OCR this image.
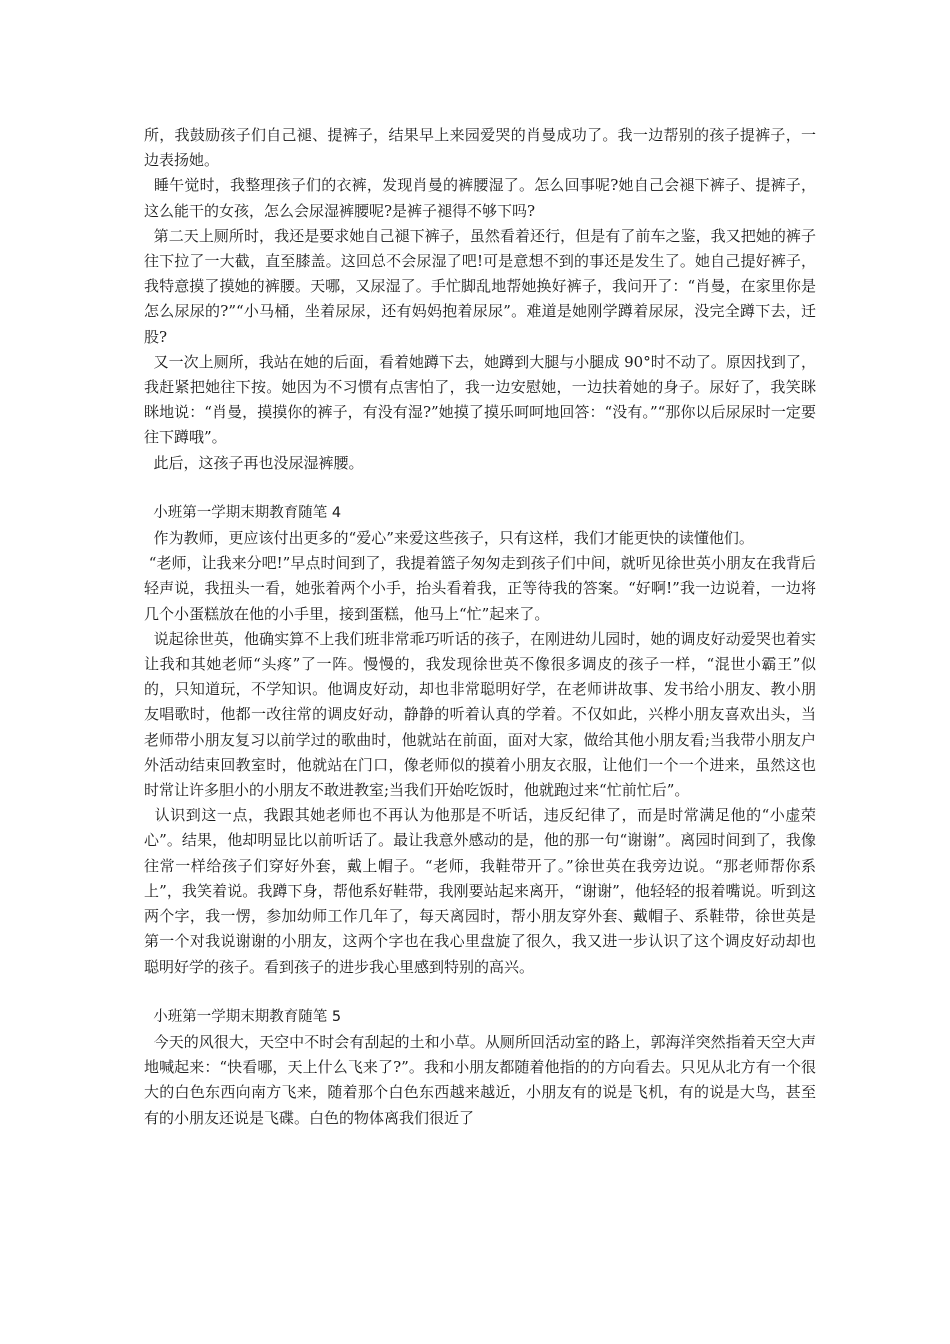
所，我鼓励孩子们自己褪、提裤子，结果早上来园爱哭的肖曼成功了。我一边帮别的孩子提裤子，一边表扬她。

睡午觉时，我整理孩子们的衣裤，发现肖曼的裤腰湿了。怎么回事呢?她自己会褪下裤子、提裤子，这么能干的女孩，怎么会尿湿裤腰呢?是裤子褪得不够下吗?

第二天上厕所时，我还是要求她自己褪下裤子，虽然看着还行，但是有了前车之鉴，我又把她的裤子往下拉了一大截，直至膝盖。这回总不会尿湿了吧!可是意想不到的事还是发生了。她自己提好裤子，我特意摸了摸她的裤腰。天哪，又尿湿了。手忙脚乱地帮她换好裤子，我问开了：“肖曼，在家里你是怎么尿尿的?”“小马桶，坐着尿尿，还有妈妈抱着尿尿”。难道是她刚学蹲着尿尿，没完全蹲下去，迁股?

又一次上厕所，我站在她的后面，看着她蹲下去，她蹲到大腿与小腿成 90°时不动了。原因找到了，我赶紧把她往下按。她因为不习惯有点害怕了，我一边安慰她，一边扶着她的身子。尿好了，我笑眯眯地说：“肖曼，摸摸你的裤子，有没有湿?”她摸了摸乐呵呵地回答：“没有。”“那你以后尿尿时一定要往下蹲哦”。

此后，这孩子再也没尿湿裤腰。

小班第一学期末期教育随笔 4

作为教师，更应该付出更多的“爱心”来爱这些孩子，只有这样，我们才能更快的读懂他们。

“老师，让我来分吧!”早点时间到了，我提着篮子匆匆走到孩子们中间，就听见徐世英小朋友在我背后轻声说，我扭头一看，她张着两个小手，抬头看着我，正等待我的答案。“好啊!”我一边说着，一边将几个小蛋糕放在他的小手里，接到蛋糕，他马上“忙”起来了。

说起徐世英，他确实算不上我们班非常乖巧听话的孩子，在刚进幼儿园时，她的调皮好动爱哭也着实让我和其她老师“头疼”了一阵。慢慢的，我发现徐世英不像很多调皮的孩子一样，“混世小霸王”似的，只知道玩，不学知识。他调皮好动，却也非常聪明好学，在老师讲故事、发书给小朋友、教小朋友唱歌时，他都一改往常的调皮好动，静静的听着认真的学着。不仅如此，兴桦小朋友喜欢出头，当老师带小朋友复习以前学过的歌曲时，他就站在前面，面对大家，做给其他小朋友看;当我带小朋友户外活动结束回教室时，他就站在门口，像老师似的摸着小朋友衣服，让他们一个一个进来，虽然这也时常让许多胆小的小朋友不敢进教室;当我们开始吃饭时，他就跑过来“忙前忙后”。

认识到这一点，我跟其她老师也不再认为他那是不听话，违反纪律了，而是时常满足他的“小虚荣心”。结果，他却明显比以前听话了。最让我意外感动的是，他的那一句“谢谢”。离园时间到了，我像往常一样给孩子们穿好外套，戴上帽子。“老师，我鞋带开了。”徐世英在我旁边说。“那老师帮你系上”，我笑着说。我蹲下身，帮他系好鞋带，我刚要站起来离开，“谢谢”，他轻轻的报着嘴说。听到这两个字，我一愣，参加幼师工作几年了，每天离园时，帮小朋友穿外套、戴帽子、系鞋带，徐世英是第一个对我说谢谢的小朋友，这两个字也在我心里盘旋了很久，我又进一步认识了这个调皮好动却也聪明好学的孩子。看到孩子的进步我心里感到特别的高兴。

小班第一学期末期教育随笔 5

今天的风很大，天空中不时会有刮起的土和小草。从厕所回活动室的路上，郭海洋突然指着天空大声地喊起来：“快看哪，天上什么飞来了?”。我和小朋友都随着他指的的方向看去。只见从北方有一个很大的白色东西向南方飞来，随着那个白色东西越来越近，小朋友有的说是飞机，有的说是大鸟，甚至有的小朋友还说是飞碟。白色的物体离我们很近了
